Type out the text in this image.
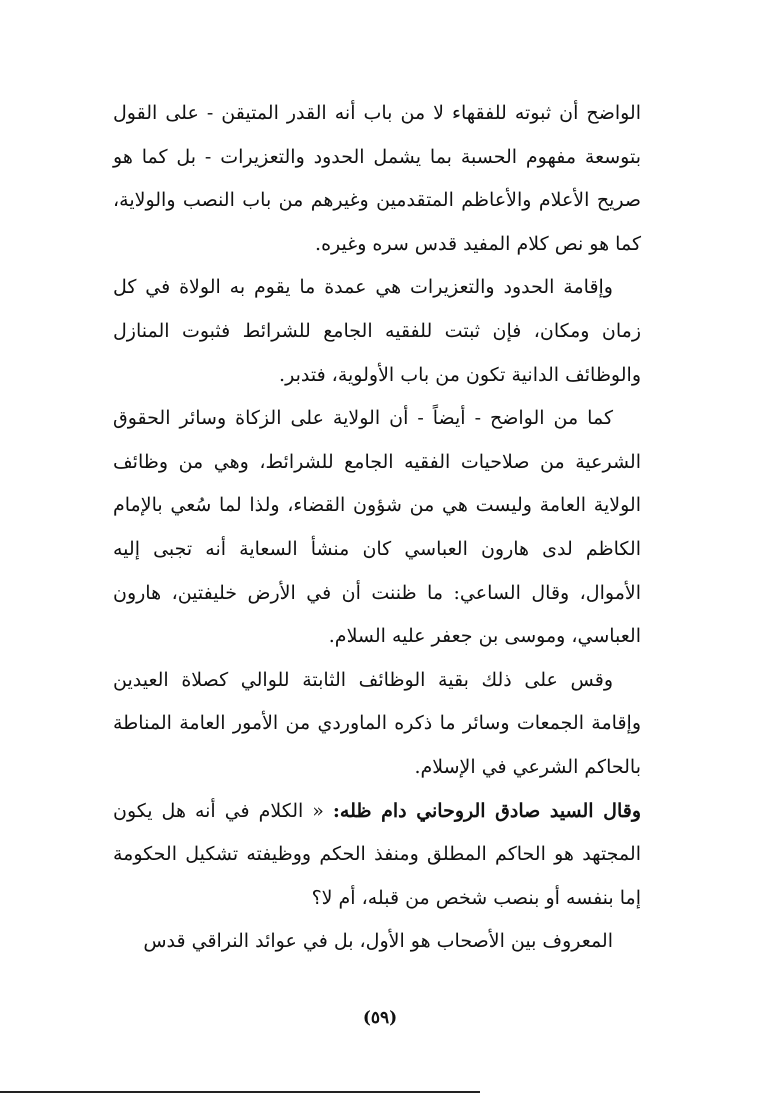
الواضح أن ثبوته للفقهاء لا من باب أنه القدر المتيقن - على القول بتوسعة مفهوم الحسبة بما يشمل الحدود والتعزيرات - بل كما هو صريح الأعلام والأعاظم المتقدمين وغيرهم من باب النصب والولاية، كما هو نص كلام المفيد قدس سره وغيره.

وإقامة الحدود والتعزيرات هي عمدة ما يقوم به الولاة في كل زمان ومكان، فإن ثبتت للفقيه الجامع للشرائط فثبوت المنازل والوظائف الدانية تكون من باب الأولوية، فتدبر.

كما من الواضح - أيضاً - أن الولاية على الزكاة وسائر الحقوق الشرعية من صلاحيات الفقيه الجامع للشرائط، وهي من وظائف الولاية العامة وليست هي من شؤون القضاء، ولذا لما سُعي بالإمام الكاظم لدى هارون العباسي كان منشأ السعاية أنه تجبى إليه الأموال، وقال الساعي: ما ظننت أن في الأرض خليفتين، هارون العباسي، وموسى بن جعفر عليه السلام.

وقس على ذلك بقية الوظائف الثابتة للوالي كصلاة العيدين وإقامة الجمعات وسائر ما ذكره الماوردي من الأمور العامة المناطة بالحاكم الشرعي في الإسلام.

وقال السيد صادق الروحاني دام ظله: « الكلام في أنه هل يكون المجتهد هو الحاكم المطلق ومنفذ الحكم ووظيفته تشكيل الحكومة إما بنفسه أو بنصب شخص من قبله، أم لا؟

المعروف بين الأصحاب هو الأول، بل في عوائد النراقي قدس

(٥٩)
